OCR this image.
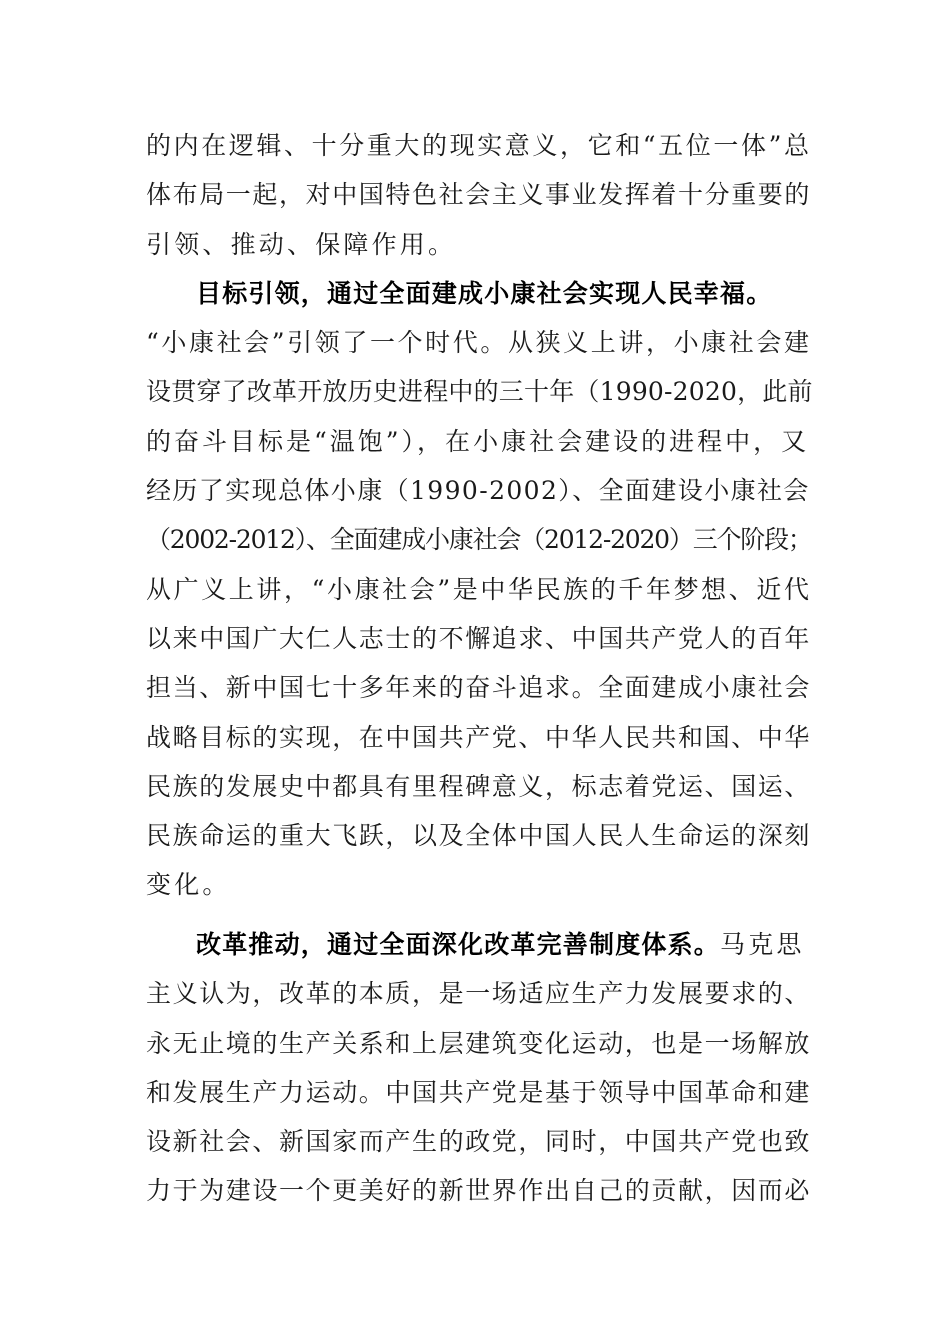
的内在逻辑、十分重大的现实意义，它和“五位一体”总
体布局一起，对中国特色社会主义事业发挥着十分重要的
引领、推动、保障作用。
目标引领，通过全面建成小康社会实现人民幸福。
“小康社会”引领了一个时代。从狭义上讲，小康社会建
设贯穿了改革开放历史进程中的三十年（1990-2020，此前
的奋斗目标是“温饱”），在小康社会建设的进程中，又
经历了实现总体小康（1990-2002）、全面建设小康社会
（2002-2012）、全面建成小康社会（2012-2020）三个阶段；
从广义上讲，“小康社会”是中华民族的千年梦想、近代
以来中国广大仁人志士的不懈追求、中国共产党人的百年
担当、新中国七十多年来的奋斗追求。全面建成小康社会
战略目标的实现，在中国共产党、中华人民共和国、中华
民族的发展史中都具有里程碑意义，标志着党运、国运、
民族命运的重大飞跃，以及全体中国人民人生命运的深刻
变化。
改革推动，通过全面深化改革完善制度体系。马克思
主义认为，改革的本质，是一场适应生产力发展要求的、
永无止境的生产关系和上层建筑变化运动，也是一场解放
和发展生产力运动。中国共产党是基于领导中国革命和建
设新社会、新国家而产生的政党，同时，中国共产党也致
力于为建设一个更美好的新世界作出自己的贡献，因而必
